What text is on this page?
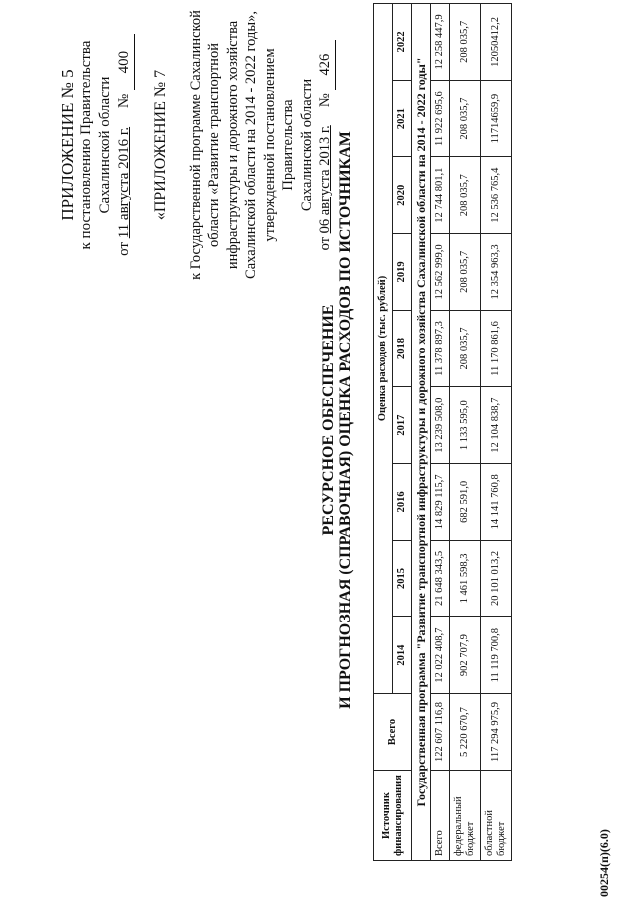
ПРИЛОЖЕНИЕ № 5 к постановлению Правительства Сахалинской области
от 11 августа 2016 г.     № 400
«ПРИЛОЖЕНИЕ № 7 к Государственной программе Сахалинской области «Развитие транспортной инфраструктуры и дорожного хозяйства Сахалинской области на 2014 - 2022 годы», утвержденной постановлением Правительства Сахалинской области
от 06 августа 2013 г.     № 426
РЕСУРСНОЕ ОБЕСПЕЧЕНИЕ И ПРОГНОЗНАЯ (СПРАВОЧНАЯ) ОЦЕНКА РАСХОДОВ ПО ИСТОЧНИКАМ
Источник финансирования	Всего	Оценка расходов (тыс. рублей)								
		2014	2015	2016	2017	2018	2019	2020	2021	2022
Государственная программа "Развитие транспортной инфраструктуры и дорожного хозяйства Сахалинской области на 2014 - 2022 годы"										
Всего	122 607 116,8	12 022 408,7	21 648 343,5	14 829 115,7	13 239 508,0	11 378 897,3	12 562 999,0	12 744 801,1	11 922 695,6	12 258 447,9
федеральный бюджет	5 220 670,7	902 707,9	1 461 598,3	682 591,0	1 133 595,0	208 035,7	208 035,7	208 035,7	208 035,7	208 035,7
областной бюджет	117 294 975,9	11 119 700,8	20 101 013,2	14 141 760,8	12 104 838,7	11 170 861,6	12 354 963,3	12 536 765,4	11714659,9	12050412,2
00254(п)(6.0)
